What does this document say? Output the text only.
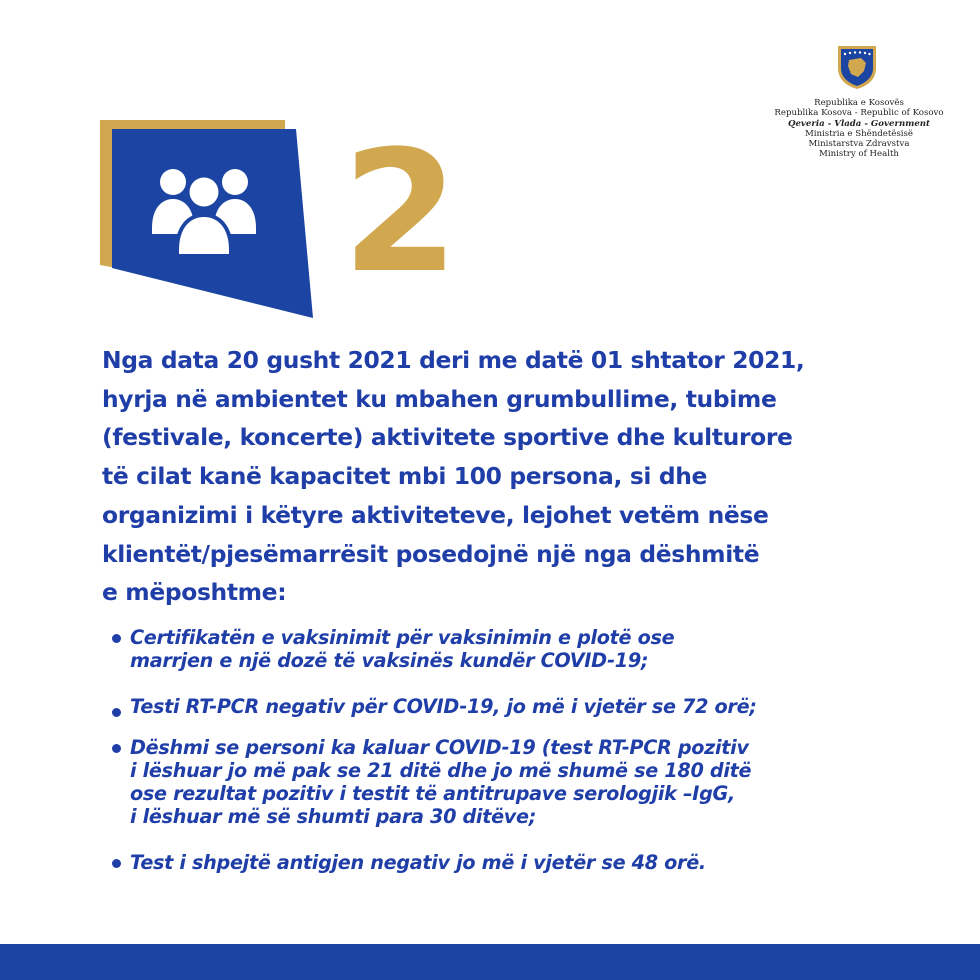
2
Republika e Kosovës
Republika Kosova - Republic of Kosovo
Qeveria - Vlada - Government
Ministria e Shëndetësisë
Ministarstva Zdravstva
Ministry of Health

Nga data 20 gusht 2021 deri me datë 01 shtator 2021,
hyrja në ambientet ku mbahen grumbullime, tubime
(festivale, koncerte) aktivitete sportive dhe kulturore
të cilat kanë kapacitet mbi 100 persona, si dhe
organizimi i këtyre aktiviteteve, lejohet vetëm nëse
klientët/pjesëmarrësit posedojnë një nga dëshmitë
e mëposhtme:

Certifikatën e vaksinimit për vaksinimin e plotë ose
marrjen e një dozë të vaksinës kundër COVID-19;
Testi RT-PCR negativ për COVID-19, jo më i vjetër se 72 orë;
Dëshmi se personi ka kaluar COVID-19 (test RT-PCR pozitiv
i lëshuar jo më pak se 21 ditë dhe jo më shumë se 180 ditë
ose rezultat pozitiv i testit të antitrupave serologjik –IgG,
i lëshuar më së shumti para 30 ditëve;
Test i shpejtë antigjen negativ jo më i vjetër se 48 orë.
